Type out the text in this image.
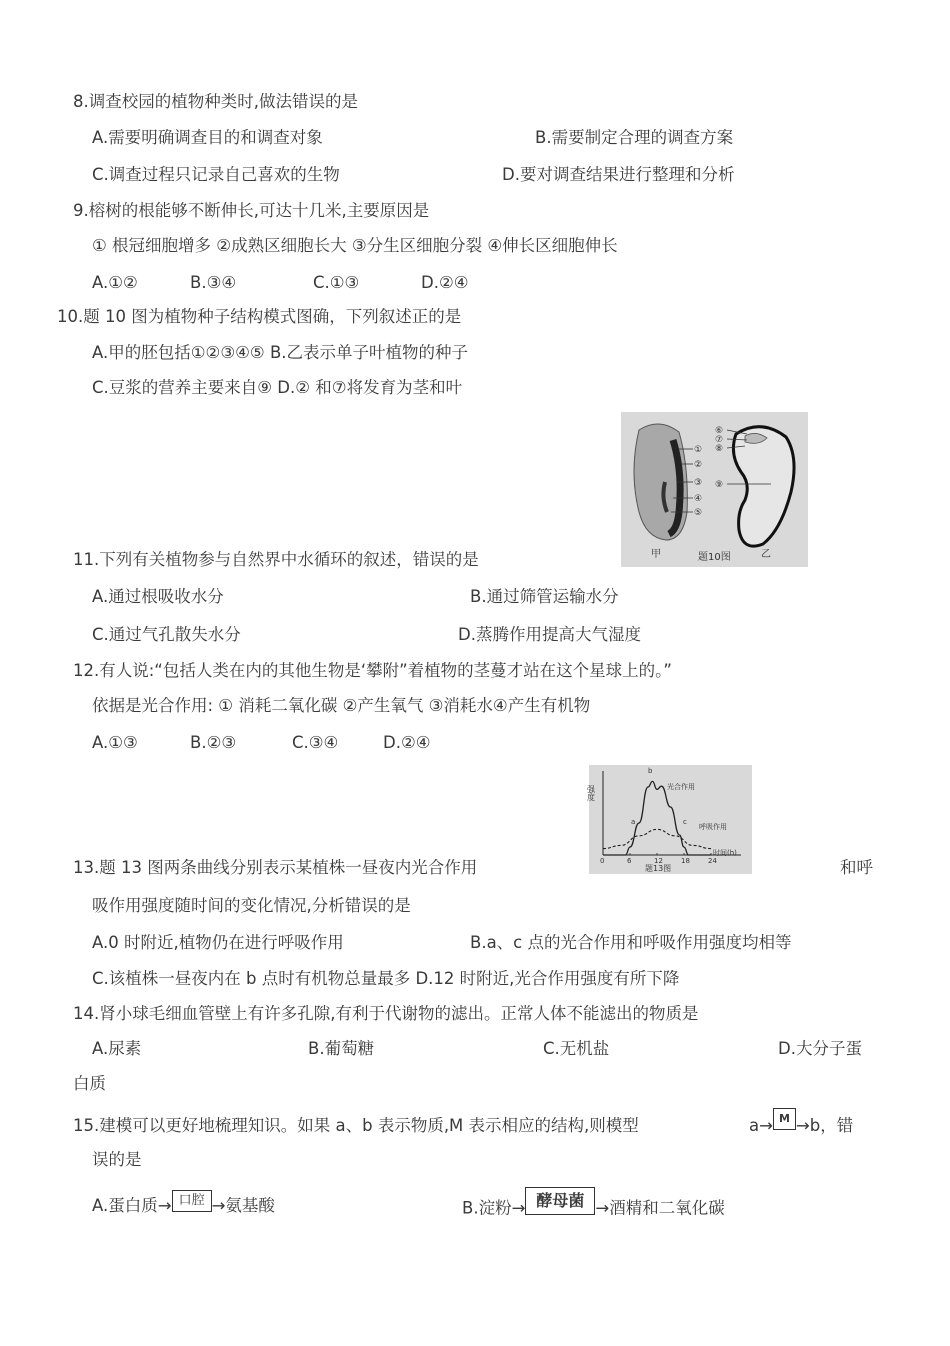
8.调查校园的植物种类时,做法错误的是
A.需要明确调查目的和调查对象	B.需要制定合理的调查方案
C.调查过程只记录自己喜欢的生物	D.要对调查结果进行整理和分析
9.榕树的根能够不断伸长,可达十几米,主要原因是
① 根冠细胞增多 ②成熟区细胞长大 ③分生区细胞分裂 ④伸长区细胞伸长
A.①②	B.③④	C.①③	D.②④
10.题 10 图为植物种子结构模式图确，下列叙述正的是
A.甲的胚包括①②③④⑤ B.乙表示单子叶植物的种子
C.豆浆的营养主要来自⑨ D.② 和⑦将发育为茎和叶
①
②
③
④
⑤
⑥
⑦
⑧
⑨
甲	题10图	乙
11.下列有关植物参与自然界中水循环的叙述，错误的是
A.通过根吸收水分	B.通过筛管运输水分
C.通过气孔散失水分	D.蒸腾作用提高大气湿度
12.有人说:“包括人类在内的其他生物是‘攀附”着植物的茎蔓才站在这个星球上的。”
依据是光合作用: ① 消耗二氧化碳 ②产生氧气 ③消耗水④产生有机物
A.①③	B.②③	C.③④	D.②④
强度
时间(h)
题13图
0	6	12	18	24
光合作用
呼吸作用
a
b
c
13.题 13 图两条曲线分别表示某植株一昼夜内光合作用	和呼
吸作用强度随时间的变化情况,分析错误的是
A.0 时附近,植物仍在进行呼吸作用	B.a、c 点的光合作用和呼吸作用强度均相等
C.该植株一昼夜内在 b 点时有机物总量最多 D.12 时附近,光合作用强度有所下降
14.肾小球毛细血管壁上有许多孔隙,有利于代谢物的滤出。正常人体不能滤出的物质是
A.尿素	B.葡萄糖	C.无机盐	D.大分子蛋
白质
15.建模可以更好地梳理知识。如果 a、b 表示物质,M 表示相应的结构,则模型	a→ M →b，错
误的是
A.蛋白质→ 口腔 →氨基酸	B.淀粉→ 酵母菌 →酒精和二氧化碳
